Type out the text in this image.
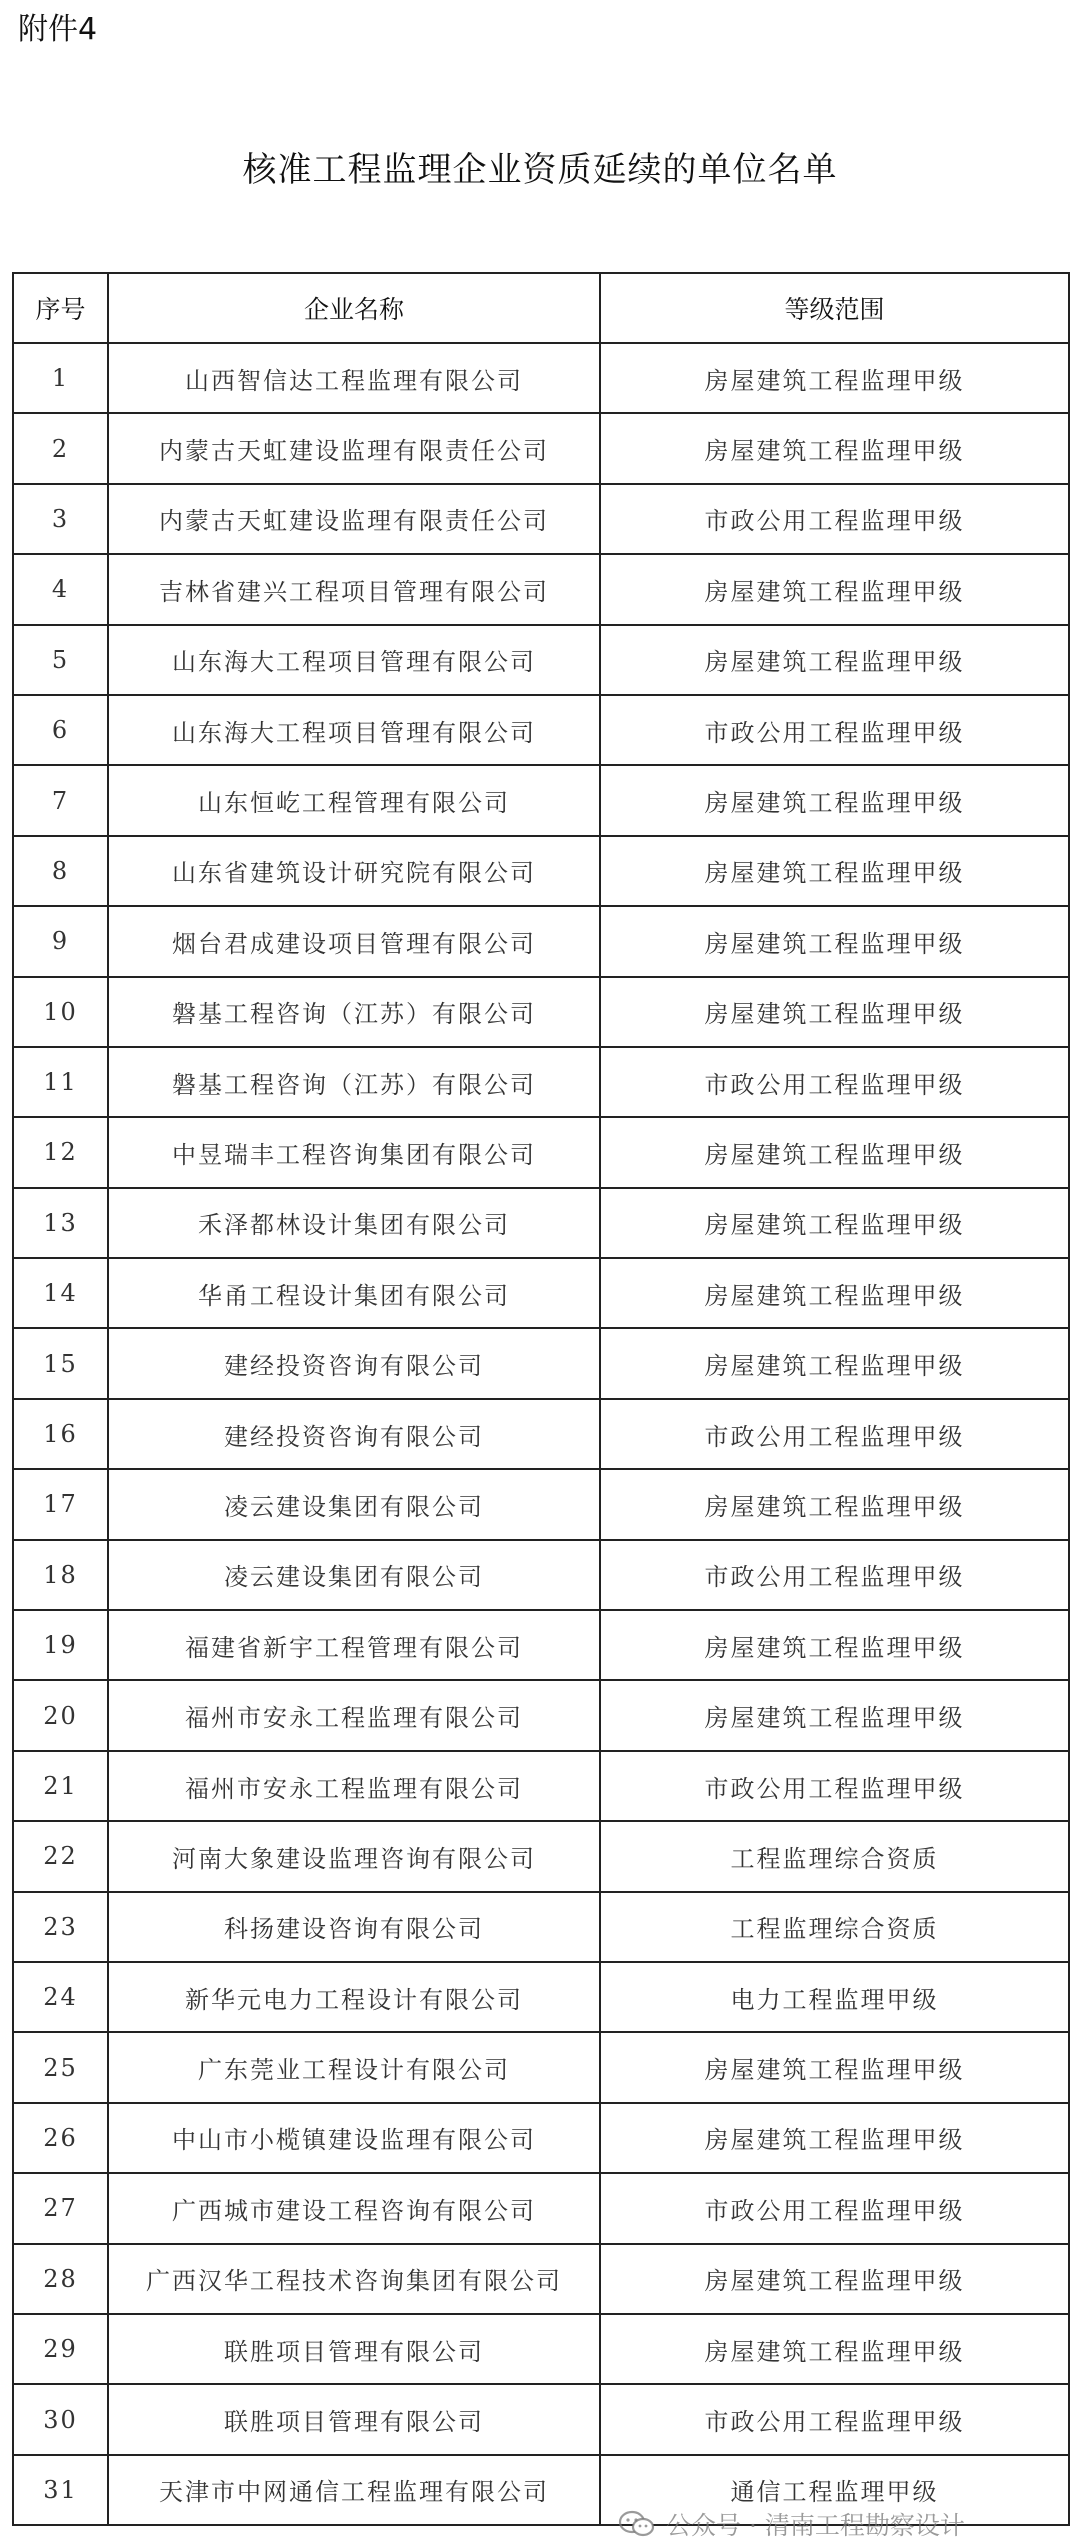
附件4
核准工程监理企业资质延续的单位名单
序号	企业名称	等级范围
1	山西智信达工程监理有限公司	房屋建筑工程监理甲级
2	内蒙古天虹建设监理有限责任公司	房屋建筑工程监理甲级
3	内蒙古天虹建设监理有限责任公司	市政公用工程监理甲级
4	吉林省建兴工程项目管理有限公司	房屋建筑工程监理甲级
5	山东海大工程项目管理有限公司	房屋建筑工程监理甲级
6	山东海大工程项目管理有限公司	市政公用工程监理甲级
7	山东恒屹工程管理有限公司	房屋建筑工程监理甲级
8	山东省建筑设计研究院有限公司	房屋建筑工程监理甲级
9	烟台君成建设项目管理有限公司	房屋建筑工程监理甲级
10	磐基工程咨询（江苏）有限公司	房屋建筑工程监理甲级
11	磐基工程咨询（江苏）有限公司	市政公用工程监理甲级
12	中昱瑞丰工程咨询集团有限公司	房屋建筑工程监理甲级
13	禾泽都林设计集团有限公司	房屋建筑工程监理甲级
14	华甬工程设计集团有限公司	房屋建筑工程监理甲级
15	建经投资咨询有限公司	房屋建筑工程监理甲级
16	建经投资咨询有限公司	市政公用工程监理甲级
17	凌云建设集团有限公司	房屋建筑工程监理甲级
18	凌云建设集团有限公司	市政公用工程监理甲级
19	福建省新宇工程管理有限公司	房屋建筑工程监理甲级
20	福州市安永工程监理有限公司	房屋建筑工程监理甲级
21	福州市安永工程监理有限公司	市政公用工程监理甲级
22	河南大象建设监理咨询有限公司	工程监理综合资质
23	科扬建设咨询有限公司	工程监理综合资质
24	新华元电力工程设计有限公司	电力工程监理甲级
25	广东莞业工程设计有限公司	房屋建筑工程监理甲级
26	中山市小榄镇建设监理有限公司	房屋建筑工程监理甲级
27	广西城市建设工程咨询有限公司	市政公用工程监理甲级
28	广西汉华工程技术咨询集团有限公司	房屋建筑工程监理甲级
29	联胜项目管理有限公司	房屋建筑工程监理甲级
30	联胜项目管理有限公司	市政公用工程监理甲级
31	天津市中网通信工程监理有限公司	通信工程监理甲级
公众号 · 清南工程勘察设计
